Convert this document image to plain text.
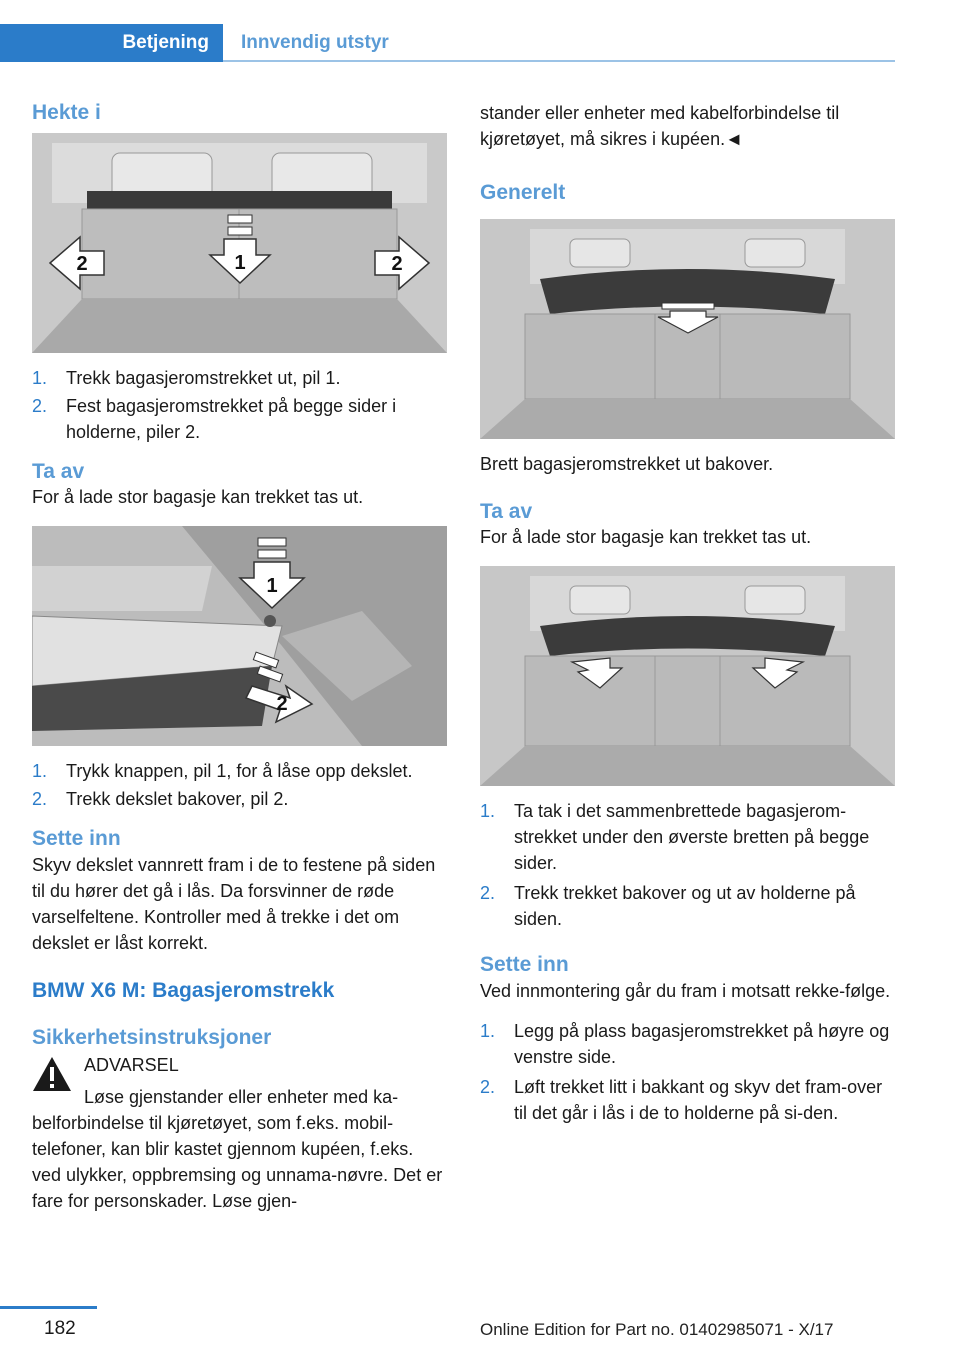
Betjening	Innvendig utstyr
Hekte i
1
2	2
1. Trekk bagasjeromstrekket ut, pil 1.
2. Fest bagasjeromstrekket på begge sider i holderne, piler 2.
Ta av

For å lade stor bagasje kan trekket tas ut.

1
2
1. Trykk knappen, pil 1, for å låse opp dekslet.
2. Trekk dekslet bakover, pil 2.
Sette inn

Skyv dekslet vannrett fram i de to festene på siden til du hører det gå i lås. Da forsvinner de røde varselfeltene. Kontroller med å trekke i det om dekslet er låst korrekt.

BMW X6 M: Bagasjeromstrekk
Sikkerhetsinstruksjoner
ADVARSEL

Løse gjenstander eller enheter med ka-belforbindelse til kjøretøyet, som f.eks. mobil-telefoner, kan blir kastet gjennom kupéen, f.eks. ved ulykker, oppbremsing og unnama-nøvre. Det er fare for personskader. Løse gjen-

stander eller enheter med kabelforbindelse til kjøretøyet, må sikres i kupéen.◄

Generelt

Brett bagasjeromstrekket ut bakover.

Ta av

For å lade stor bagasje kan trekket tas ut.

1. Ta tak i det sammenbrettede bagasjerom-strekket under den øverste bretten på begge sider.
2. Trekk trekket bakover og ut av holderne på siden.
Sette inn

Ved innmontering går du fram i motsatt rekke-følge.

1. Legg på plass bagasjeromstrekket på høyre og venstre side.
2. Løft trekket litt i bakkant og skyv det fram-over til det går i lås i de to holderne på si-den.
182	Online Edition for Part no. 01402985071 - X/17
